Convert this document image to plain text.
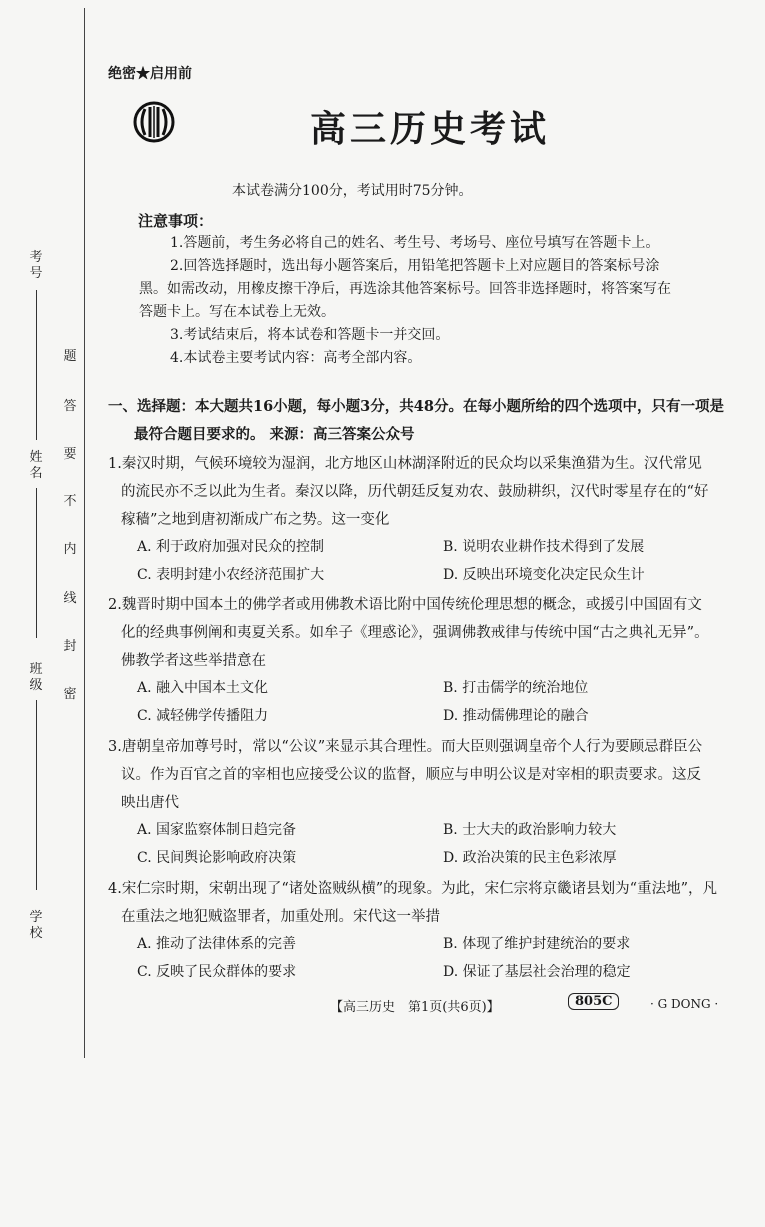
考号
姓名
班级
学校
题
答
要
不
内
线
封
密
绝密★启用前
高三历史考试
本试卷满分100分，考试用时75分钟。
注意事项：
1.答题前，考生务必将自己的姓名、考生号、考场号、座位号填写在答题卡上。
2.回答选择题时，选出每小题答案后，用铅笔把答题卡上对应题目的答案标号涂
黑。如需改动，用橡皮擦干净后，再选涂其他答案标号。回答非选择题时，将答案写在
答题卡上。写在本试卷上无效。
3.考试结束后，将本试卷和答题卡一并交回。
4.本试卷主要考试内容：高考全部内容。
一、选择题：本大题共16小题，每小题3分，共48分。在每小题所给的四个选项中，只有一项是
最符合题目要求的。 来源：高三答案公众号
1.秦汉时期，气候环境较为湿润，北方地区山林湖泽附近的民众均以采集渔猎为生。汉代常见
的流民亦不乏以此为生者。秦汉以降，历代朝廷反复劝农、鼓励耕织，汉代时零星存在的“好
稼穑”之地到唐初渐成广布之势。这一变化
A. 利于政府加强对民众的控制	B. 说明农业耕作技术得到了发展
C. 表明封建小农经济范围扩大	D. 反映出环境变化决定民众生计
2.魏晋时期中国本土的佛学者或用佛教术语比附中国传统伦理思想的概念，或援引中国固有文
化的经典事例阐和夷夏关系。如牟子《理惑论》，强调佛教戒律与传统中国“古之典礼无异”。
佛教学者这些举措意在
A. 融入中国本土文化	B. 打击儒学的统治地位
C. 减轻佛学传播阻力	D. 推动儒佛理论的融合
3.唐朝皇帝加尊号时，常以“公议”来显示其合理性。而大臣则强调皇帝个人行为要顾忌群臣公
议。作为百官之首的宰相也应接受公议的监督，顺应与申明公议是对宰相的职责要求。这反
映出唐代
A. 国家监察体制日趋完备	B. 士大夫的政治影响力较大
C. 民间舆论影响政府决策	D. 政治决策的民主色彩浓厚
4.宋仁宗时期，宋朝出现了“诸处盗贼纵横”的现象。为此，宋仁宗将京畿诸县划为“重法地”，凡
在重法之地犯贼盗罪者，加重处刑。宋代这一举措
A. 推动了法律体系的完善	B. 体现了维护封建统治的要求
C. 反映了民众群体的要求	D. 保证了基层社会治理的稳定
【高三历史　第1页(共6页)】	805C	· G DONG ·
